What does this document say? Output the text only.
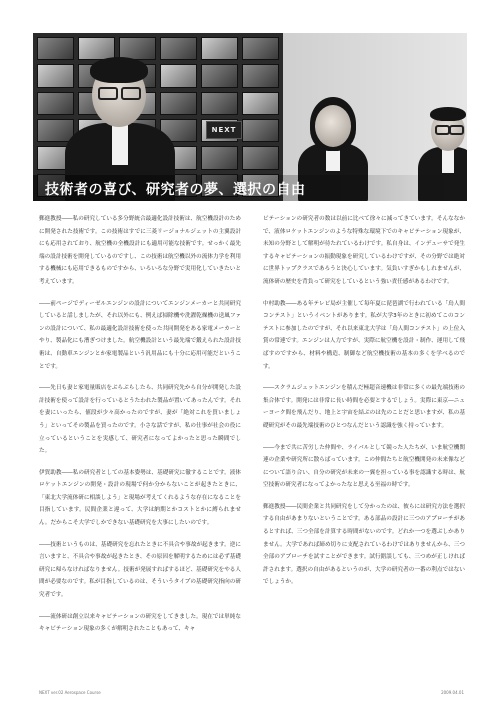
NEXT
技術者の喜び、研究者の夢、選択の自由

郵進教授――私の研究している多分野統合最適化設計技術は、航空機設計のために開発された技術です。この技術はすでに三菱リージョナルジェットの主翼設計にも応用されており、航空機の全機設計にも適用可能な技術です。せっかく最先端の設計技術を開発しているのですし、この技術は航空機以外の流体力学を利用する機械にも応用できるものですから、いろいろな分野で実用化していきたいと考えています。

――前ページでディーゼルエンジンの設計についてエンジンメーカーと共同研究していると話しましたが、それ以外にも、例えば掃除機や洗濯乾燥機の送風ファンの設計について、私の最適化設計技術を使った共同開発をある家電メーカーとやり、製品化にも漕ぎつけました。航空機設計という最先端で鍛えられた設計技術は、自動車エンジンとか家電製品という汎用品にも十分に応用可能だということです。

――先日も妻と家電量販店をぶらぶらしたら、共同研究先から自分が開発した設計技術を使って設計を行っているとうたわれた製品が置いてあったんです。それを妻にいったら、値段が少々高かったのですが、妻が「絶対これを買いましょう」といってその製品を買ったのです。小さな話ですが、私の仕事が社会の役に立っているということを実感して、研究者になってよかったと思った瞬間でした。

伊賀助教――私の研究者としての基本姿勢は、基礎研究に徹することです。液体ロケットエンジンの開発・設計の現場で何か分からないことが起きたときに、「東北大学流体研に相談しよう」と現場が考えてくれるような存在になることを目指しています。民間企業と違って、大学は納期とかコストとかに縛られません。だからこそ大学でしかできない基礎研究を大事にしたいのです。

――技術というものは、基礎研究を忘れたときに不具合や事故が起きます。逆に言いますと、不具合や事故が起きたとき、その原因を解明するためには必ず基礎研究に帰らなければなりません。技術が発展すればするほど、基礎研究をやる人間が必要なのです。私が目指しているのは、そういうタイプの基礎研究指向の研究者です。

――流体研は創立以来キャビテーションの研究をしてきました。現在では単純なキャビテーション現象の多くが解明されたこともあって、キャ

ビテーションの研究者の数は以前に比べて徐々に減ってきています。そんななかで、液体ロケットエンジンのような特殊な環境下でのキャビテーション現象が、未知の分野として解明が待たれているわけです。私自身は、インデューサで発生するキャビテーションの振動現象を研究しているわけですが、その分野では絶対に世界トップクラスであろうと決心しています。気負いすぎかもしれませんが、流体研の歴史を背負って研究をしているという強い責任感があるわけです。

中村助教――ある年テレビ局が主催して毎年夏に琵琶湖で行われている「鳥人間コンテスト」というイベントがあります。私が大学3年のときに初めてこのコンテストに参加したのですが、それ以来東北大学は「鳥人間コンテスト」の上位入賞の常連です。エンジンは人力ですが、実際に航空機を設計・制作、運用して飛ばすのですから、材料や構造、制御など航空機技術の基本の多くを学べるのです。

――スクラムジェットエンジンを積んだ極超音速機は非常に多くの最先端技術の集合体です。開発には非常に長い時間を必要とするでしょう。実際に東京―ニューヨーク間を飛んだり、地上と宇宙を結ぶのは先のことだと思いますが、私の基礎研究がその最先端技術のひとつなんだという認識を強く持っています。

――今まで共に苦労した仲間や、ライバルとして競った人たちが、いま航空機関連の企業や研究所に散らばっています。この仲間たちと航空機開発の未来像などについて語り合い、自分の研究が未来の一翼を担っている事を認識する時は、航空技術の研究者になってよかったなと思える至福の時です。

郵進教授――民間企業と共同研究をして分かったのは、彼らには研究方法を選択する自由があまりないということです。ある部品の設計に三つのアプローチがあるとすれば、三つ全部を計算する時間がないのです。どれか一つを選ぶしかありません。大学であれば締め切りに支配されているわけではありませんから、三つ全部のアプローチを試すことができます。試行錯誤しても、三つめが正しければ許されます。選択の自由があるというのが、大学の研究者の一番の利点ではないでしょうか。

NEXT ver.02 Aerospace Course	2009.04.01
